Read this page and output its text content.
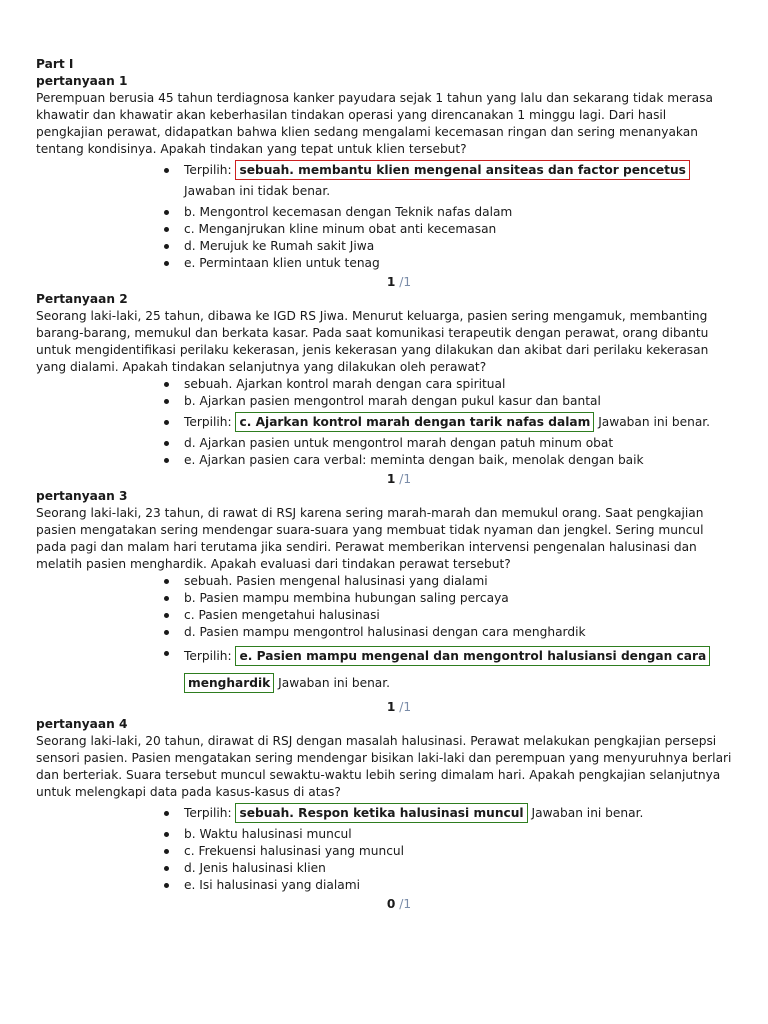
Part I
pertanyaan 1

Perempuan berusia 45 tahun terdiagnosa kanker payudara sejak 1 tahun yang lalu dan sekarang tidak merasa khawatir dan khawatir akan keberhasilan tindakan operasi yang direncanakan 1 minggu lagi. Dari hasil pengkajian perawat, didapatkan bahwa klien sedang mengalami kecemasan ringan dan sering menanyakan tentang kondisinya. Apakah tindakan yang tepat untuk klien tersebut?

Terpilih: sebuah. membantu klien mengenal ansiteas dan factor pencetus Jawaban ini tidak benar.
b. Mengontrol kecemasan dengan Teknik nafas dalam
c. Menganjrukan kline minum obat anti kecemasan
d. Merujuk ke Rumah sakit Jiwa
e. Permintaan klien untuk tenag
1 /1
Pertanyaan 2

Seorang laki-laki, 25 tahun, dibawa ke IGD RS Jiwa. Menurut keluarga, pasien sering mengamuk, membanting barang-barang, memukul dan berkata kasar. Pada saat komunikasi terapeutik dengan perawat, orang dibantu untuk mengidentifikasi perilaku kekerasan, jenis kekerasan yang dilakukan dan akibat dari perilaku kekerasan yang dialami. Apakah tindakan selanjutnya yang dilakukan oleh perawat?

sebuah. Ajarkan kontrol marah dengan cara spiritual
b. Ajarkan pasien mengontrol marah dengan pukul kasur dan bantal
Terpilih: c. Ajarkan kontrol marah dengan tarik nafas dalam Jawaban ini benar.
d. Ajarkan pasien untuk mengontrol marah dengan patuh minum obat
e. Ajarkan pasien cara verbal: meminta dengan baik, menolak dengan baik
1 /1
pertanyaan 3

Seorang laki-laki, 23 tahun, di rawat di RSJ karena sering marah-marah dan memukul orang. Saat pengkajian pasien mengatakan sering mendengar suara-suara yang membuat tidak nyaman dan jengkel. Sering muncul pada pagi dan malam hari terutama jika sendiri. Perawat memberikan intervensi pengenalan halusinasi dan melatih pasien menghardik. Apakah evaluasi dari tindakan perawat tersebut?

sebuah. Pasien mengenal halusinasi yang dialami
b. Pasien mampu membina hubungan saling percaya
c. Pasien mengetahui halusinasi
d. Pasien mampu mengontrol halusinasi dengan cara menghardik
Terpilih: e. Pasien mampu mengenal dan mengontrol halusiansi dengan cara menghardik Jawaban ini benar.
1 /1
pertanyaan 4

Seorang laki-laki, 20 tahun, dirawat di RSJ dengan masalah halusinasi. Perawat melakukan pengkajian persepsi sensori pasien. Pasien mengatakan sering mendengar bisikan laki-laki dan perempuan yang menyuruhnya berlari dan berteriak. Suara tersebut muncul sewaktu-waktu lebih sering dimalam hari. Apakah pengkajian selanjutnya untuk melengkapi data pada kasus-kasus di atas?

Terpilih: sebuah. Respon ketika halusinasi muncul Jawaban ini benar.
b. Waktu halusinasi muncul
c. Frekuensi halusinasi yang muncul
d. Jenis halusinasi klien
e. Isi halusinasi yang dialami
0 /1
